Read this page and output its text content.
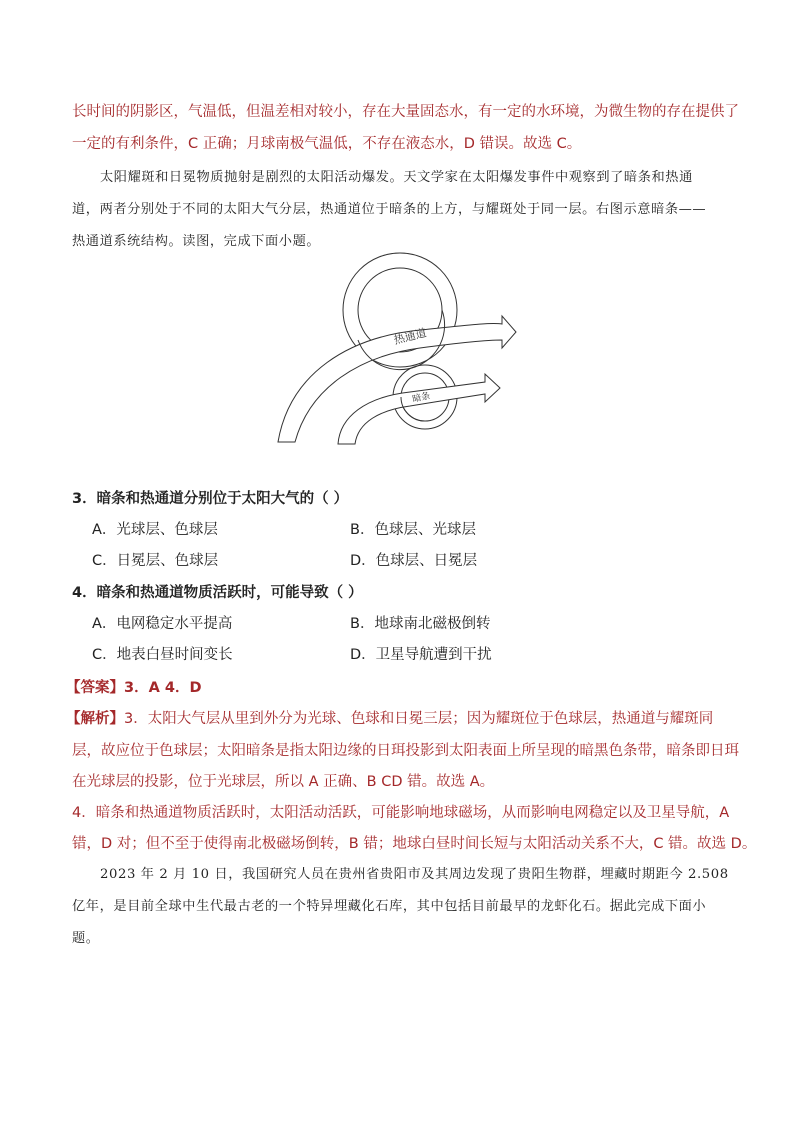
长时间的阴影区，气温低，但温差相对较小，存在大量固态水，有一定的水环境，为微生物的存在提供了
一定的有利条件，C 正确；月球南极气温低，不存在液态水，D 错误。故选 C。
太阳耀斑和日冕物质抛射是剧烈的太阳活动爆发。天文学家在太阳爆发事件中观察到了暗条和热通
道，两者分别处于不同的太阳大气分层，热通道位于暗条的上方，与耀斑处于同一层。右图示意暗条——
热通道系统结构。读图，完成下面小题。
热通道
暗条
3．暗条和热通道分别位于太阳大气的（ ）
A．光球层、色球层	B．色球层、光球层
C．日冕层、色球层	D．色球层、日冕层
4．暗条和热通道物质活跃时，可能导致（ ）
A．电网稳定水平提高	B．地球南北磁极倒转
C．地表白昼时间变长	D．卫星导航遭到干扰
【答案】3．A 4．D
【解析】3．太阳大气层从里到外分为光球、色球和日冕三层；因为耀斑位于色球层，热通道与耀斑同
层，故应位于色球层；太阳暗条是指太阳边缘的日珥投影到太阳表面上所呈现的暗黑色条带，暗条即日珥
在光球层的投影，位于光球层，所以 A 正确、B CD 错。故选 A。
4．暗条和热通道物质活跃时，太阳活动活跃，可能影响地球磁场，从而影响电网稳定以及卫星导航，A
错，D 对；但不至于使得南北极磁场倒转，B 错；地球白昼时间长短与太阳活动关系不大，C 错。故选 D。
2023 年 2 月 10 日，我国研究人员在贵州省贵阳市及其周边发现了贵阳生物群，埋藏时期距今 2.508
亿年，是目前全球中生代最古老的一个特异埋藏化石库，其中包括目前最早的龙虾化石。据此完成下面小
题。
